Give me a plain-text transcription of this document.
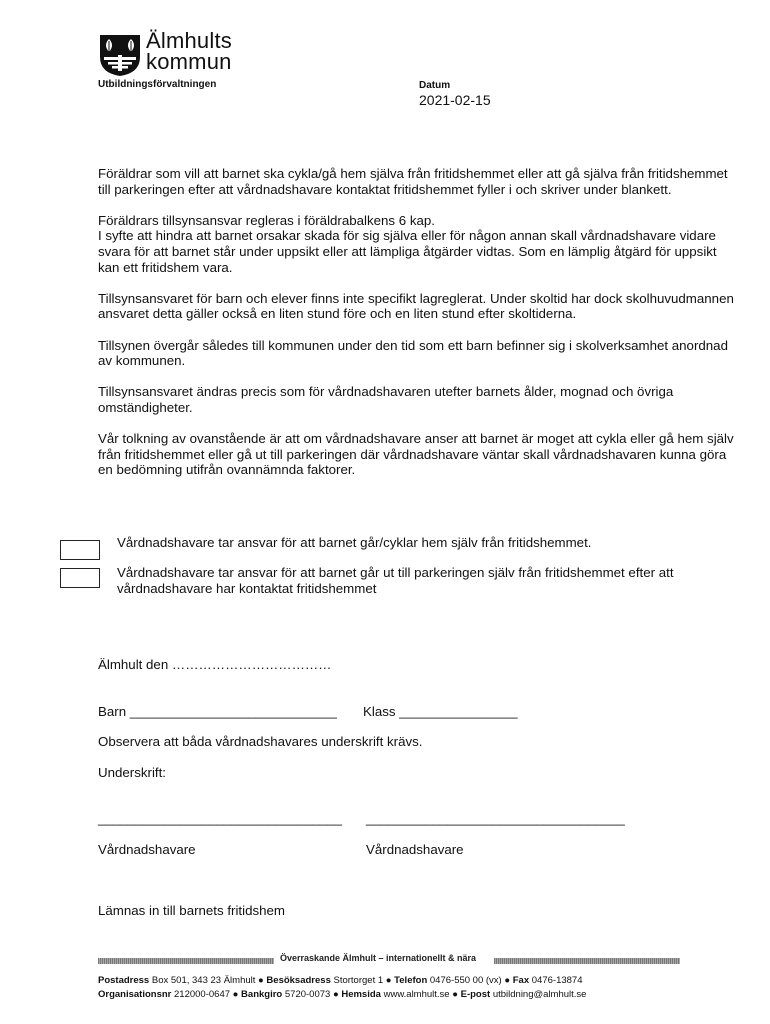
Älmhults
kommun
Utbildningsförvaltningen	Datum
2021-02-15

Föräldrar som vill att barnet ska cykla/gå hem själva från fritidshemmet eller att gå själva från fritidshemmet till parkeringen efter att vårdnadshavare kontaktat fritidshemmet fyller i och skriver under blankett.

Föräldrars tillsynsansvar regleras i föräldrabalkens 6 kap.

I syfte att hindra att barnet orsakar skada för sig själva eller för någon annan skall vårdnadshavare vidare svara för att barnet står under uppsikt eller att lämpliga åtgärder vidtas. Som en lämplig åtgärd för uppsikt kan ett fritidshem vara.

Tillsynsansvaret för barn och elever finns inte specifikt lagreglerat. Under skoltid har dock skolhuvudmannen ansvaret detta gäller också en liten stund före och en liten stund efter skoltiderna.

Tillsynen övergår således till kommunen under den tid som ett barn befinner sig i skolverksamhet anordnad av kommunen.

Tillsynsansvaret ändras precis som för vårdnadshavaren utefter barnets ålder, mognad och övriga omständigheter.

Vår tolkning av ovanstående är att om vårdnadshavare anser att barnet är moget att cykla eller gå hem själv från fritidshemmet eller gå ut till parkeringen där vårdnadshavare väntar skall vårdnadshavaren kunna göra en bedömning utifrån ovannämnda faktorer.

Vårdnadshavare tar ansvar för att barnet går/cyklar hem själv från fritidshemmet.
Vårdnadshavare tar ansvar för att barnet går ut till parkeringen själv från fritidshemmet efter att vårdnadshavare har kontaktat fritidshemmet
Älmhult den ………………………………
Barn ____________________________ Klass ________________
Observera att båda vårdnadshavares underskrift krävs.
Underskrift:
_________________________________ ___________________________________
Vårdnadshavare	Vårdnadshavare
Lämnas in till barnets fritidshem
Överraskande Älmhult – internationellt & nära
Postadress Box 501, 343 23 Älmhult ● Besöksadress Stortorget 1 ● Telefon 0476-550 00 (vx) ● Fax 0476-13874
Organisationsnr 212000-0647 ● Bankgiro 5720-0073 ● Hemsida www.almhult.se ● E-post utbildning@almhult.se
